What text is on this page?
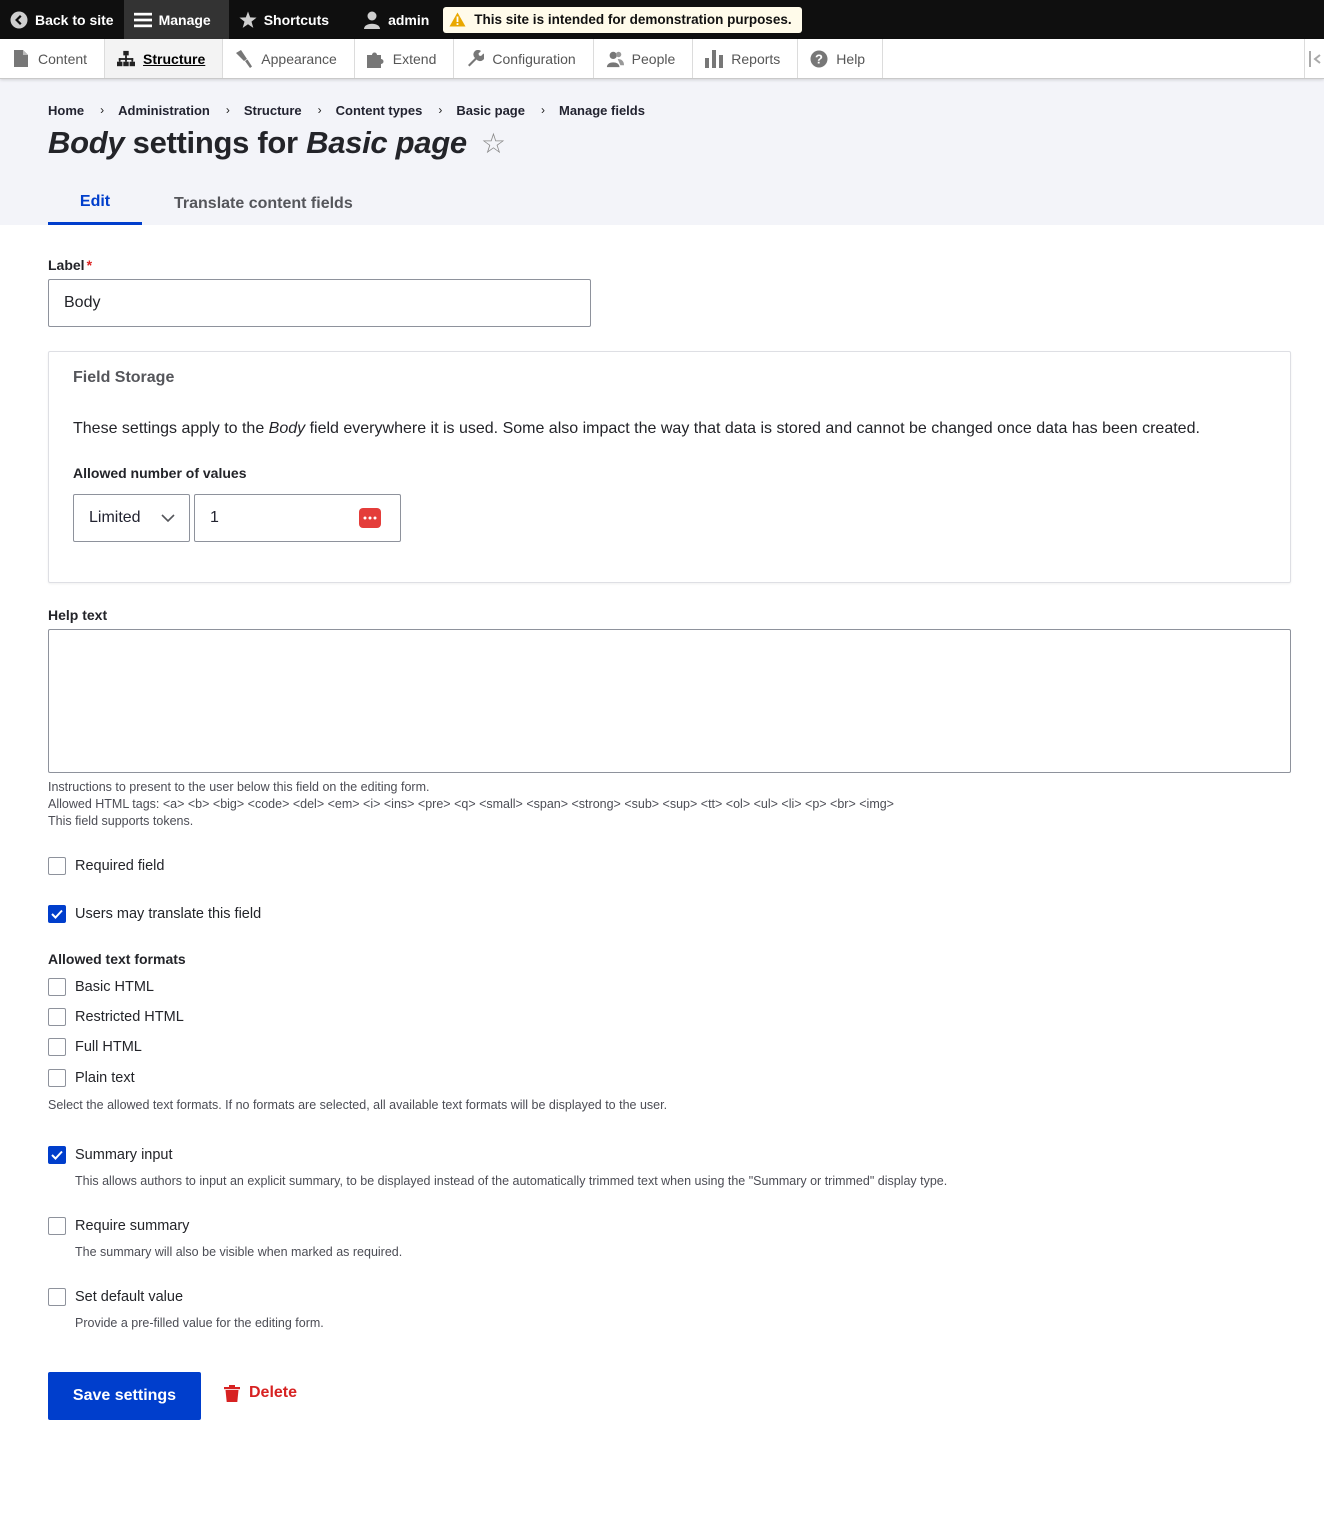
Back to site	Manage	Shortcuts	admin	This site is intended for demonstration purposes.
Content	Structure	Appearance	Extend	Configuration	People	Reports	? Help
Home › Administration › Structure › Content types › Basic page › Manage fields
Body settings for Basic page ☆
Edit	Translate content fields
Label *
Body
Field Storage
These settings apply to the Body field everywhere it is used. Some also impact the way that data is stored and cannot be changed once data has been created.
Allowed number of values
Limited	1
Help text
Instructions to present to the user below this field on the editing form.
Allowed HTML tags: <a> <b> <big> <code> <del> <em> <i> <ins> <pre> <q> <small> <span> <strong> <sub> <sup> <tt> <ol> <ul> <li> <p> <br> <img>
This field supports tokens.
Required field
Users may translate this field
Allowed text formats
Basic HTML
Restricted HTML
Full HTML
Plain text
Select the allowed text formats. If no formats are selected, all available text formats will be displayed to the user.
Summary input
This allows authors to input an explicit summary, to be displayed instead of the automatically trimmed text when using the "Summary or trimmed" display type.
Require summary
The summary will also be visible when marked as required.
Set default value
Provide a pre-filled value for the editing form.
Save settings	Delete
